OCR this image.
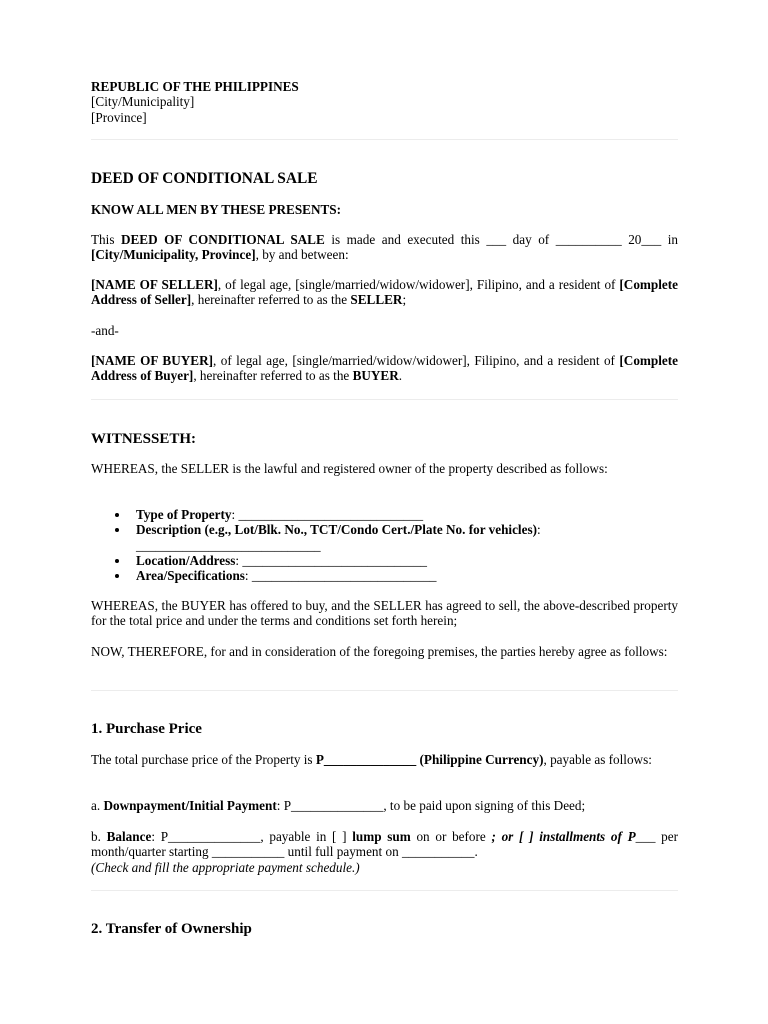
REPUBLIC OF THE PHILIPPINES
[City/Municipality]
[Province]
DEED OF CONDITIONAL SALE
KNOW ALL MEN BY THESE PRESENTS:

This DEED OF CONDITIONAL SALE is made and executed this ___ day of __________ 20___ in [City/Municipality, Province], by and between:

[NAME OF SELLER], of legal age, [single/married/widow/widower], Filipino, and a resident of [Complete Address of Seller], hereinafter referred to as the SELLER;

-and-

[NAME OF BUYER], of legal age, [single/married/widow/widower], Filipino, and a resident of [Complete Address of Buyer], hereinafter referred to as the BUYER.

WITNESSETH:

WHEREAS, the SELLER is the lawful and registered owner of the property described as follows:

Type of Property: ____________________________
Description (e.g., Lot/Blk. No., TCT/Condo Cert./Plate No. for vehicles):
____________________________
Location/Address: ____________________________
Area/Specifications: ____________________________

WHEREAS, the BUYER has offered to buy, and the SELLER has agreed to sell, the above-described property for the total price and under the terms and conditions set forth herein;

NOW, THEREFORE, for and in consideration of the foregoing premises, the parties hereby agree as follows:

1. Purchase Price

The total purchase price of the Property is P______________ (Philippine Currency), payable as follows:

a. Downpayment/Initial Payment: P______________, to be paid upon signing of this Deed;

b. Balance: P______________, payable in [ ] lump sum on or before ; or [ ] installments of P___ per month/quarter starting ___________ until full payment on ___________.
(Check and fill the appropriate payment schedule.)

2. Transfer of Ownership
